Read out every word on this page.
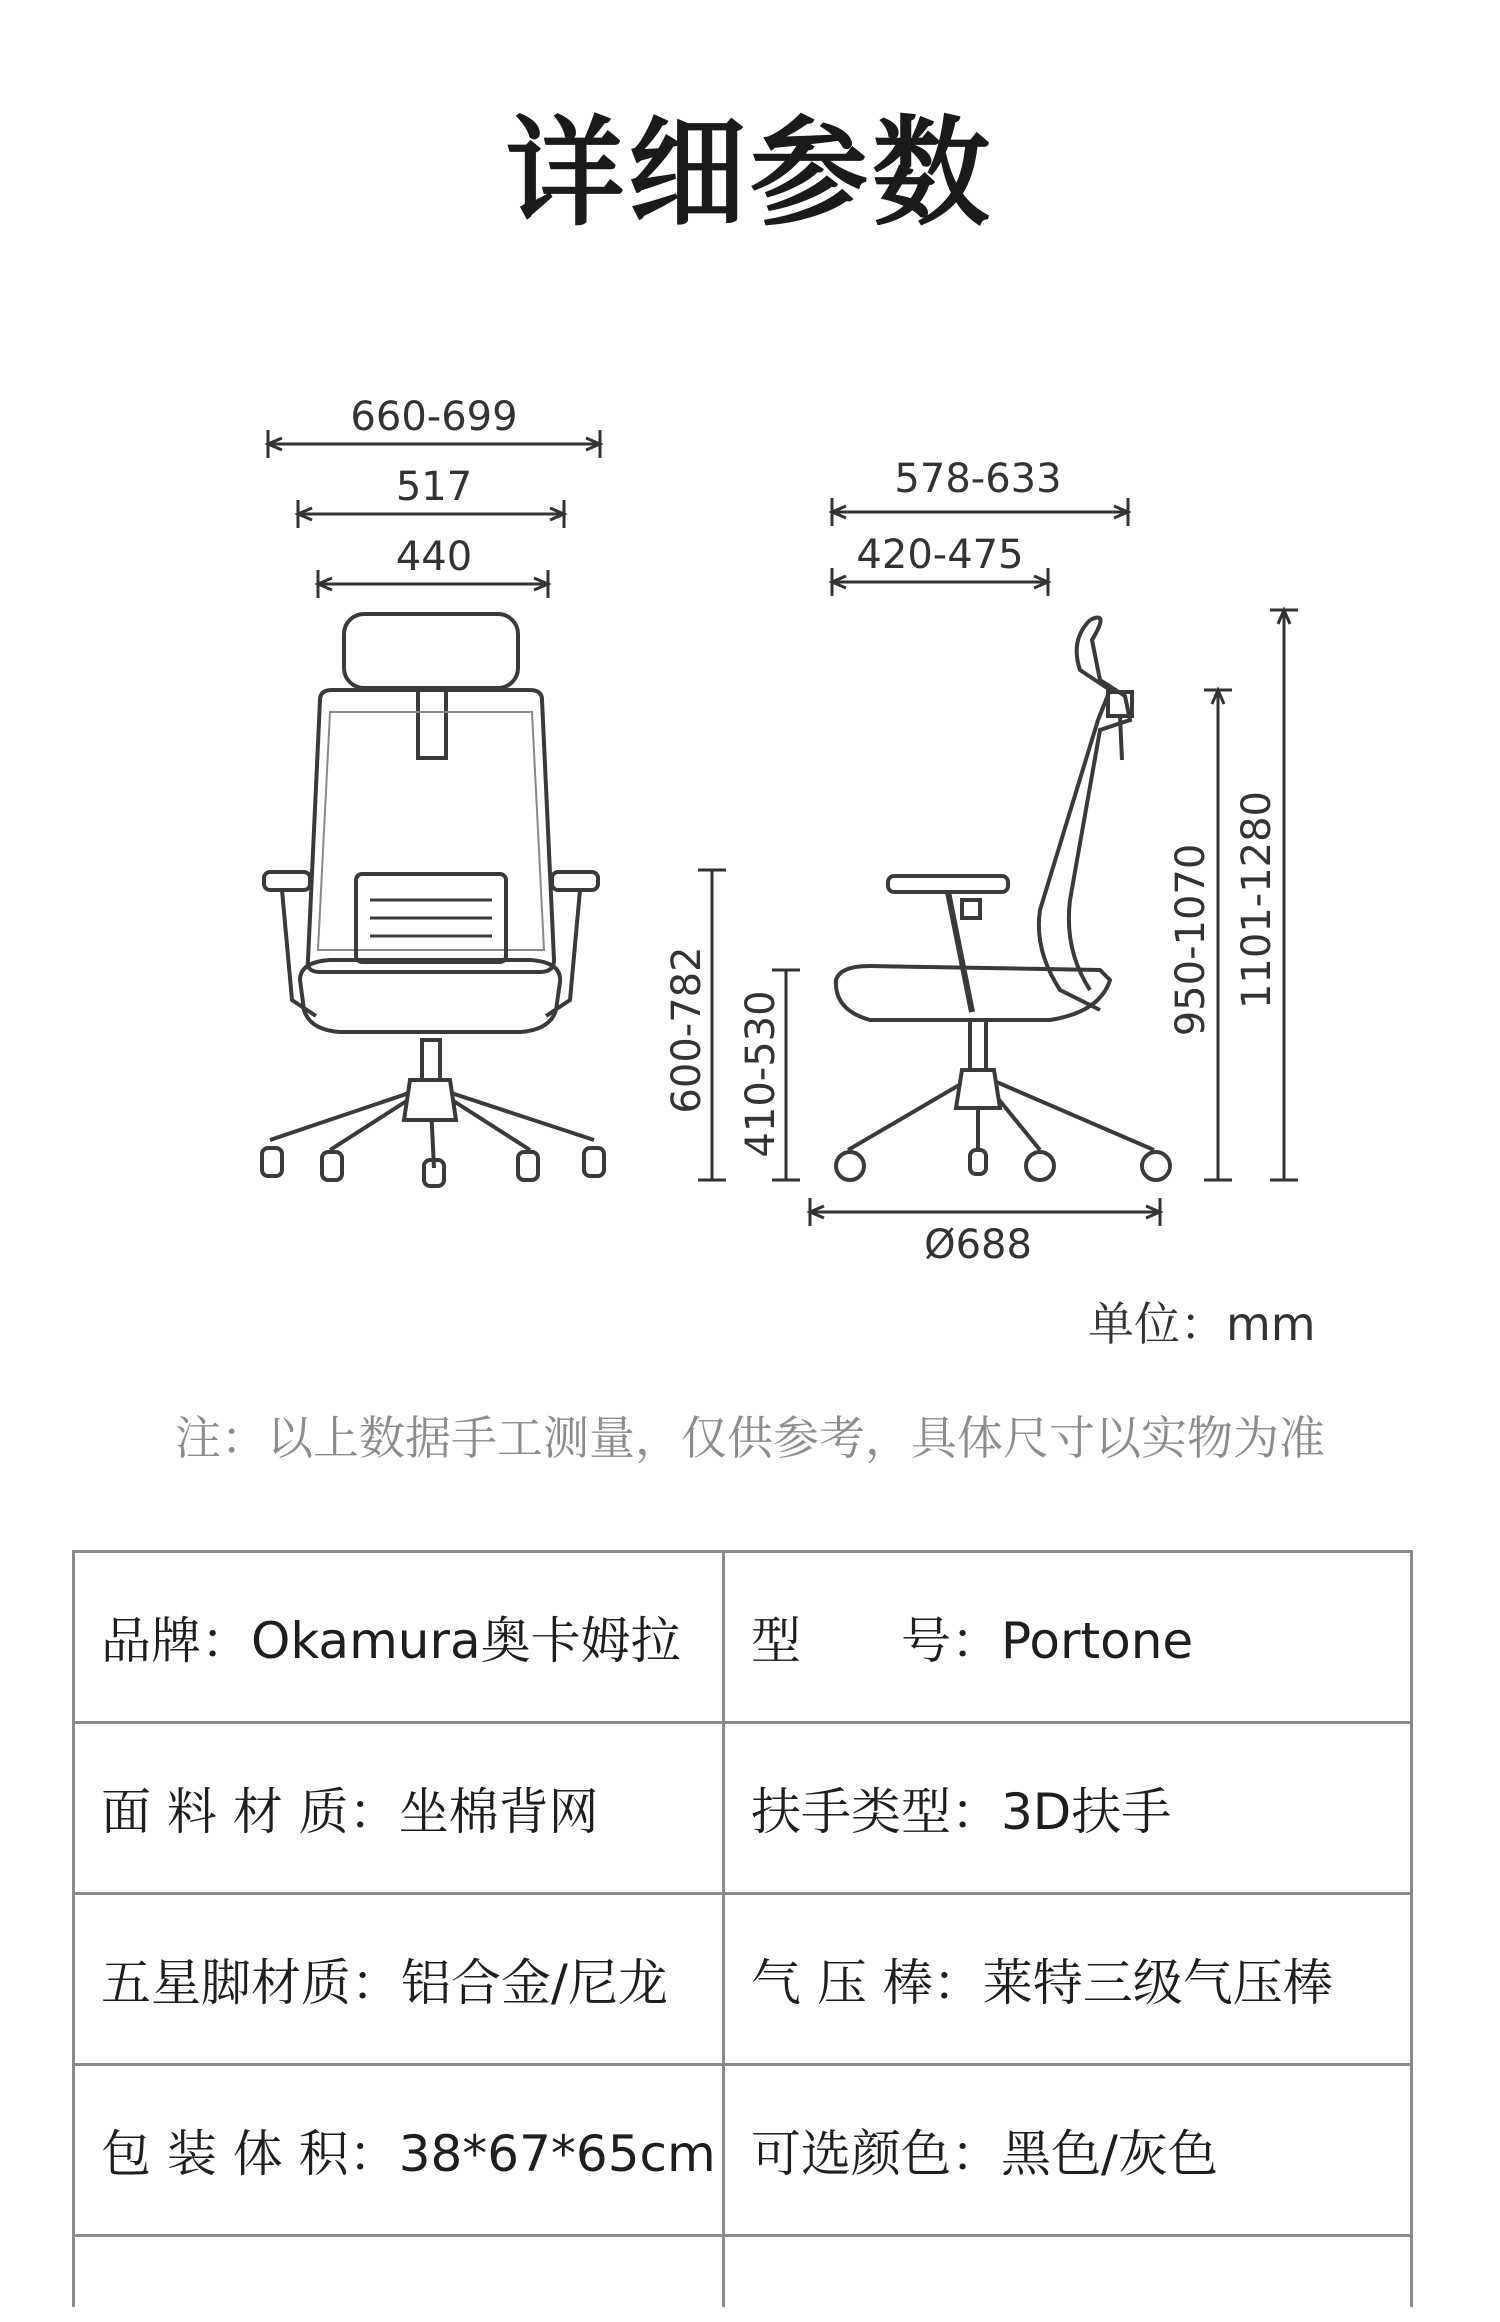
详细参数
660-699
517
440
600-782 410-530
578-633
420-475
950-1070 1101-1280
Ø688
单位：mm
注：以上数据手工测量，仅供参考，具体尺寸以实物为准
品牌：Okamura奥卡姆拉	型　　号：Portone
面 料 材 质：坐棉背网	扶手类型：3D扶手
五星脚材质：铝合金/尼龙	气 压 棒：莱特三级气压棒
包 装 体 积：38*67*65cm	可选颜色：黑色/灰色
